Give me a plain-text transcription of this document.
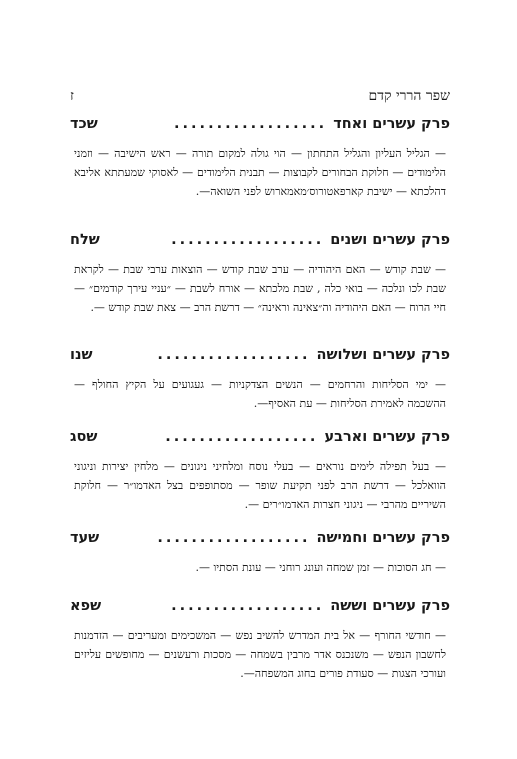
שפר הררי קדם
ז
פרק עשרים ואחד
..................
שכד
— הגליל העליון והגליל התחתון — הוי גולה למקום תורה — ראש הישיבה — וזמני הלימודים — חלוקת הבחורים לקבוצות — תבנית הלימודים — לאסוקי שמעתתא אליבא דהלכתא — ישיבת קארפאטורוס׳מאמארוש לפני השואה—.
פרק עשרים ושנים
..................
שלח
— שבת קודש — האם היהודיה — ערב שבת קודש — הוצאות ערבי שבת — לקראת שבת לכו ונלכה — בואי כלה , שבת מלכתא — אורח לשבת — ״עניי עירך קודמים״ — חיי הרוח — האם היהודיה וה״צאינה וראינה״ — דרשת הרב — צאת שבת קודש —.
פרק עשרים ושלושה
..................
שנו
— ימי הסליחות והרחמים — הנשים הצדקניות — געגועים על הקיץ החולף — ההשכמה לאמירת הסליחות — עת האסיף—.
פרק עשרים וארבע
..................
שסג
— בעל תפילה לימים נוראים — בעלי נוסח ומלחיני ניגונים — מלחין יצירות וניגוני הוואלכל — דרשת הרב לפני תקיעת שופר — מסתופפים בצל האדמו״ר — חלוקת השיריים מהרבי — ניגוני חצרות האדמו״רים —.
פרק עשרים וחמישה
..................
שעד
— חג הסוכות — זמן שמחה ועונג רוחני — עונת הסתיו —.
פרק עשרים וששה
..................
שפא
— חודשי החורף — אל בית המדרש להשיב נפש — המשכימים ומעריבים — הזדמנות לחשבון הנפש — משנכנס אדר מרבין בשמחה — מסכות ורעשנים — מחופשים עליזים ועורכי הצגות — סעודת פורים בחוג המשפחה—.
